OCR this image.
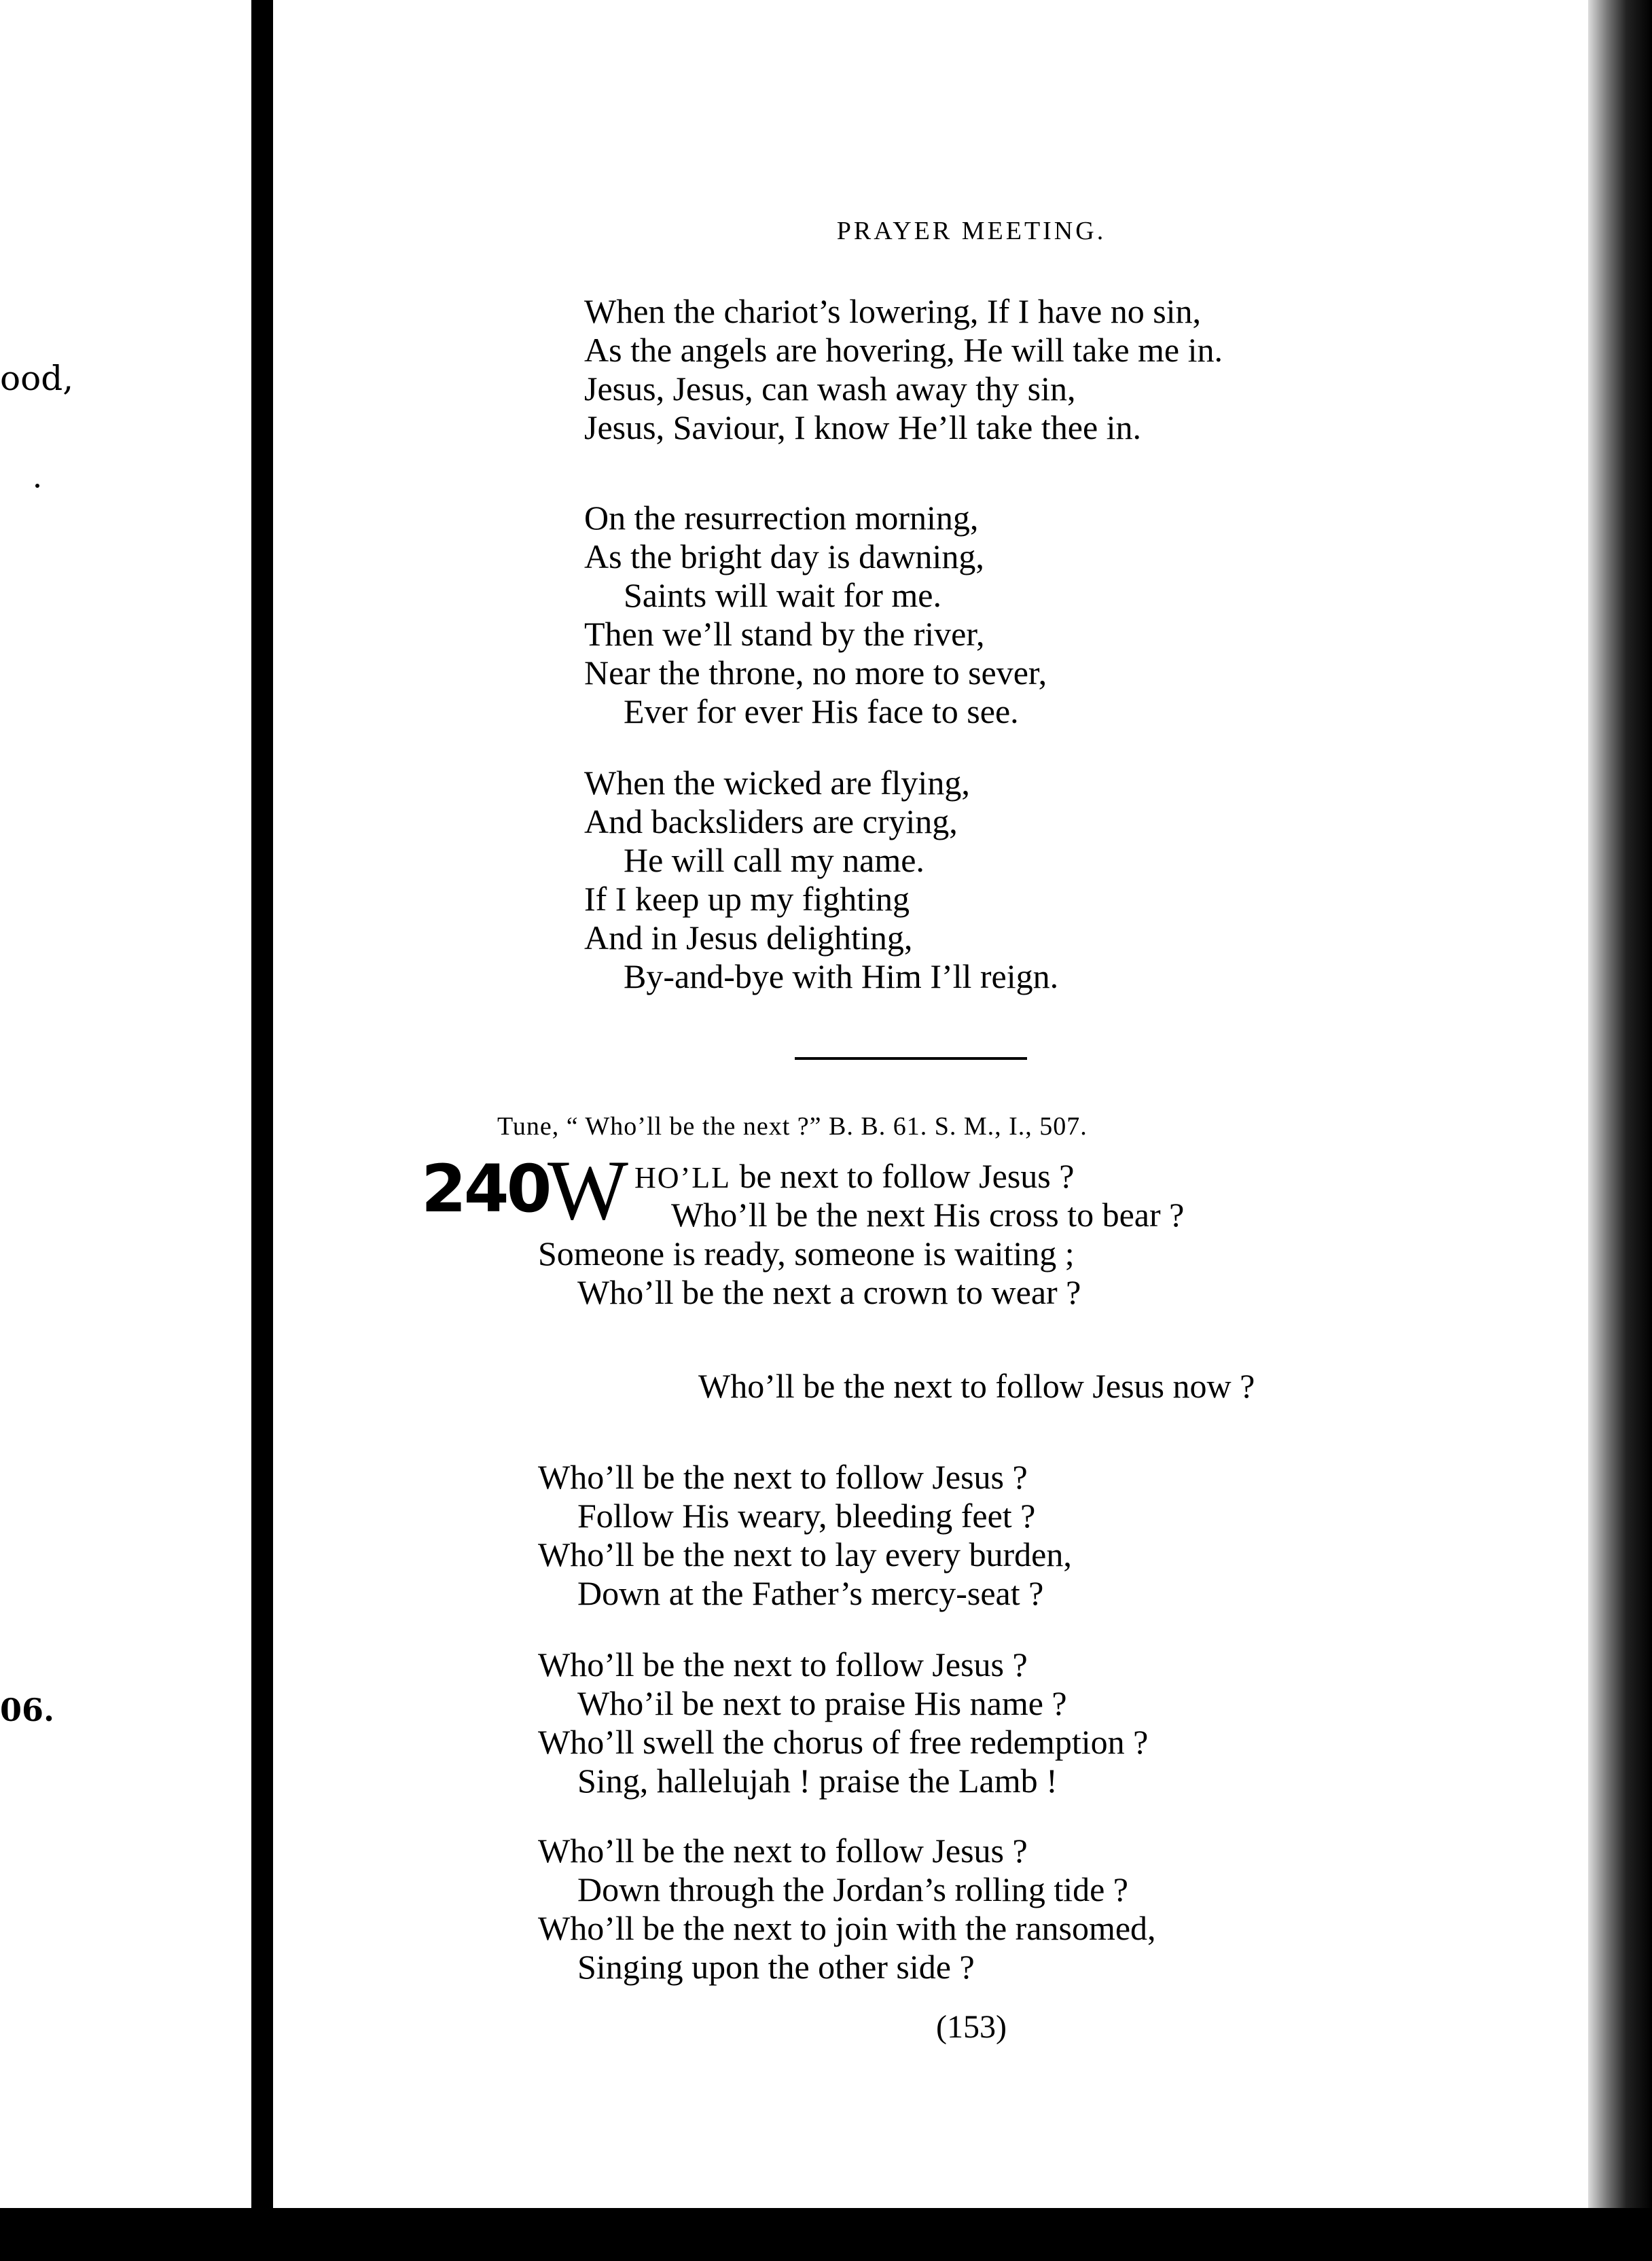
ood,
06.
PRAYER MEETING.
When the chariot’s lowering, If I have no sin,
As the angels are hovering, He will take me in.
Jesus, Jesus, can wash away thy sin,
Jesus, Saviour, I know He’ll take thee in.
On the resurrection morning,
As the bright day is dawning,
Saints will wait for me.
Then we’ll stand by the river,
Near the throne, no more to sever,
Ever for ever His face to see.
When the wicked are flying,
And backsliders are crying,
He will call my name.
If I keep up my fighting
And in Jesus delighting,
By-and-bye with Him I’ll reign.
Tune, “ Who’ll be the next ?” B. B. 61. S. M., I., 507.
240
W HO’LL be next to follow Jesus ?
Who’ll be the next His cross to bear ?
Someone is ready, someone is waiting ;
Who’ll be the next a crown to wear ?
Who’ll be the next to follow Jesus now ?
Who’ll be the next to follow Jesus ?
Follow His weary, bleeding feet ?
Who’ll be the next to lay every burden,
Down at the Father’s mercy-seat ?
Who’ll be the next to follow Jesus ?
Who’il be next to praise His name ?
Who’ll swell the chorus of free redemption ?
Sing, hallelujah ! praise the Lamb !
Who’ll be the next to follow Jesus ?
Down through the Jordan’s rolling tide ?
Who’ll be the next to join with the ransomed,
Singing upon the other side ?
(153)
